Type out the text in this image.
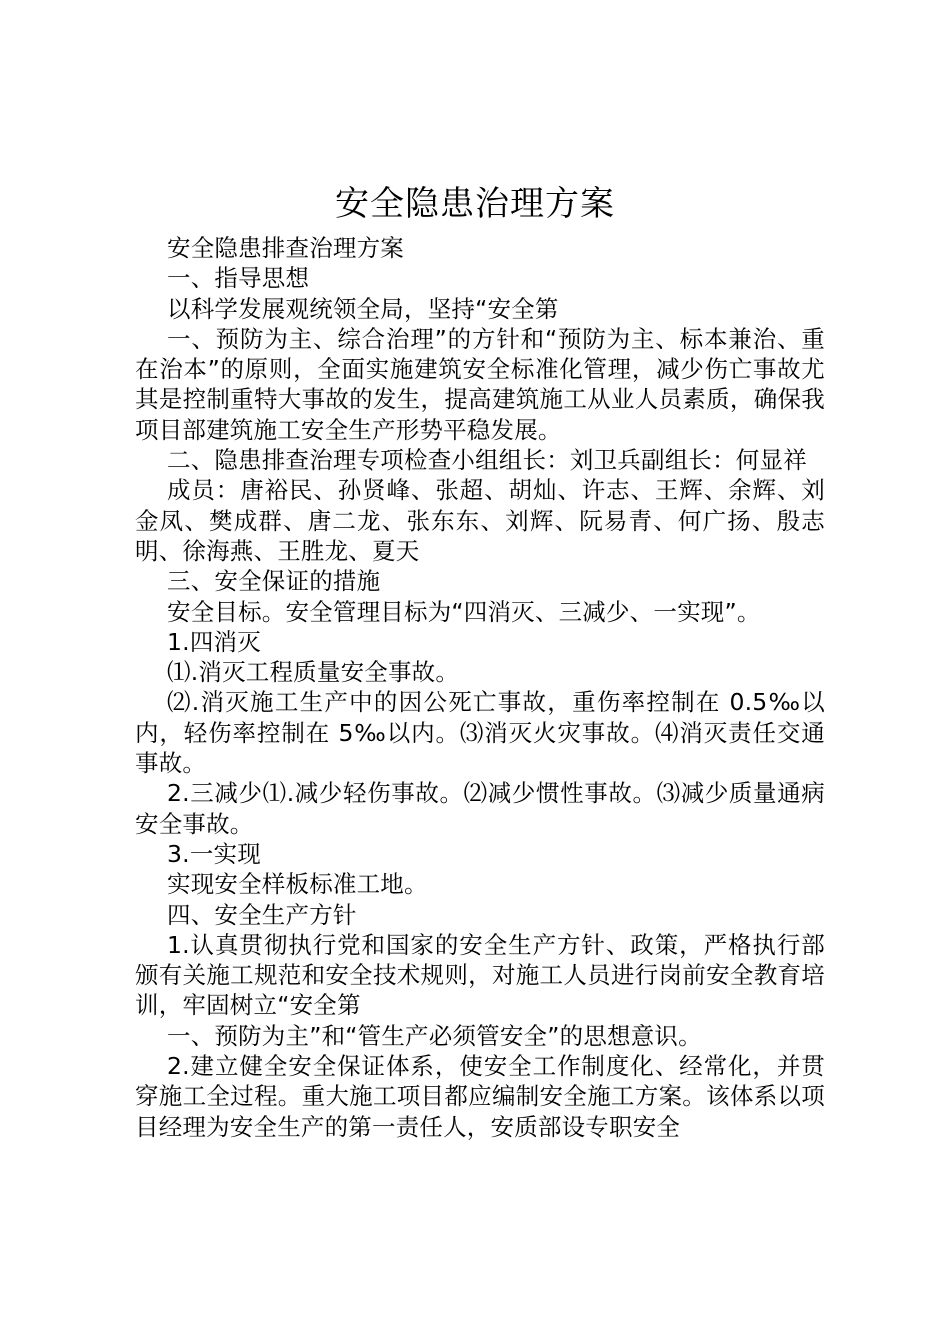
安全隐患治理方案

安全隐患排查治理方案

一、指导思想

以科学发展观统领全局，坚持“安全第

一、预防为主、综合治理”的方针和“预防为主、标本兼治、重在治本”的原则，全面实施建筑安全标准化管理，减少伤亡事故尤其是控制重特大事故的发生，提高建筑施工从业人员素质，确保我项目部建筑施工安全生产形势平稳发展。

二、隐患排查治理专项检查小组组长：刘卫兵副组长：何显祥

成员：唐裕民、孙贤峰、张超、胡灿、许志、王辉、余辉、刘金凤、樊成群、唐二龙、张东东、刘辉、阮易青、何广扬、殷志明、徐海燕、王胜龙、夏天

三、安全保证的措施

安全目标。安全管理目标为“四消灭、三减少、一实现”。

1.四消灭

⑴.消灭工程质量安全事故。

⑵.消灭施工生产中的因公死亡事故，重伤率控制在 0.5‰以内，轻伤率控制在 5‰以内。⑶消灭火灾事故。⑷消灭责任交通事故。

2.三减少⑴.减少轻伤事故。⑵减少惯性事故。⑶减少质量通病安全事故。

3.一实现

实现安全样板标准工地。

四、安全生产方针

1.认真贯彻执行党和国家的安全生产方针、政策，严格执行部颁有关施工规范和安全技术规则，对施工人员进行岗前安全教育培训，牢固树立“安全第

一、预防为主”和“管生产必须管安全”的思想意识。

2.建立健全安全保证体系，使安全工作制度化、经常化，并贯穿施工全过程。重大施工项目都应编制安全施工方案。该体系以项目经理为安全生产的第一责任人，安质部设专职安全
